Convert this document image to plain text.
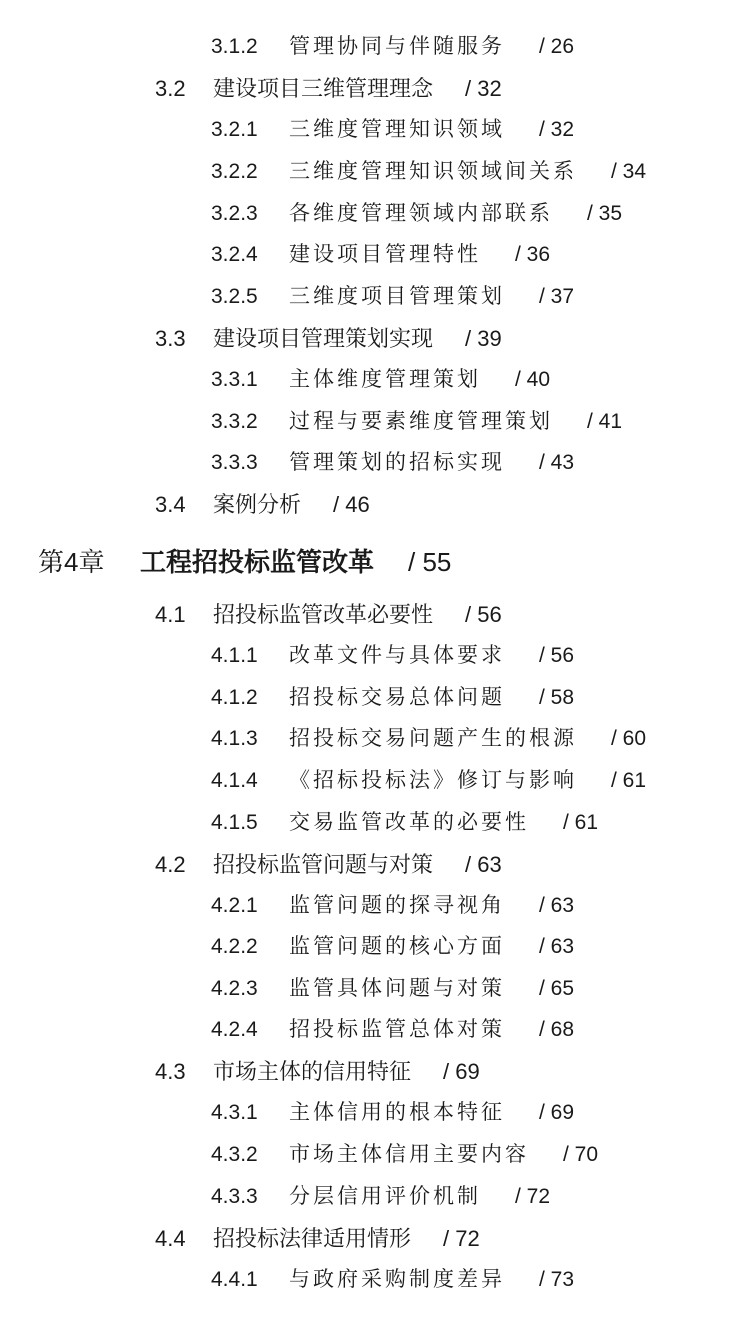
3.1.2	管理协同与伴随服务 / 26
3.2	建设项目三维管理理念 / 32
3.2.1	三维度管理知识领域 / 32
3.2.2	三维度管理知识领域间关系 / 34
3.2.3	各维度管理领域内部联系 / 35
3.2.4	建设项目管理特性 / 36
3.2.5	三维度项目管理策划 / 37
3.3	建设项目管理策划实现 / 39
3.3.1	主体维度管理策划 / 40
3.3.2	过程与要素维度管理策划 / 41
3.3.3	管理策划的招标实现 / 43
3.4	案例分析 / 46
第4章	工程招投标监管改革 / 55
4.1	招投标监管改革必要性 / 56
4.1.1	改革文件与具体要求 / 56
4.1.2	招投标交易总体问题 / 58
4.1.3	招投标交易问题产生的根源 / 60
4.1.4	《招标投标法》修订与影响 / 61
4.1.5	交易监管改革的必要性 / 61
4.2	招投标监管问题与对策 / 63
4.2.1	监管问题的探寻视角 / 63
4.2.2	监管问题的核心方面 / 63
4.2.3	监管具体问题与对策 / 65
4.2.4	招投标监管总体对策 / 68
4.3	市场主体的信用特征 / 69
4.3.1	主体信用的根本特征 / 69
4.3.2	市场主体信用主要内容 / 70
4.3.3	分层信用评价机制 / 72
4.4	招投标法律适用情形 / 72
4.4.1	与政府采购制度差异 / 73
